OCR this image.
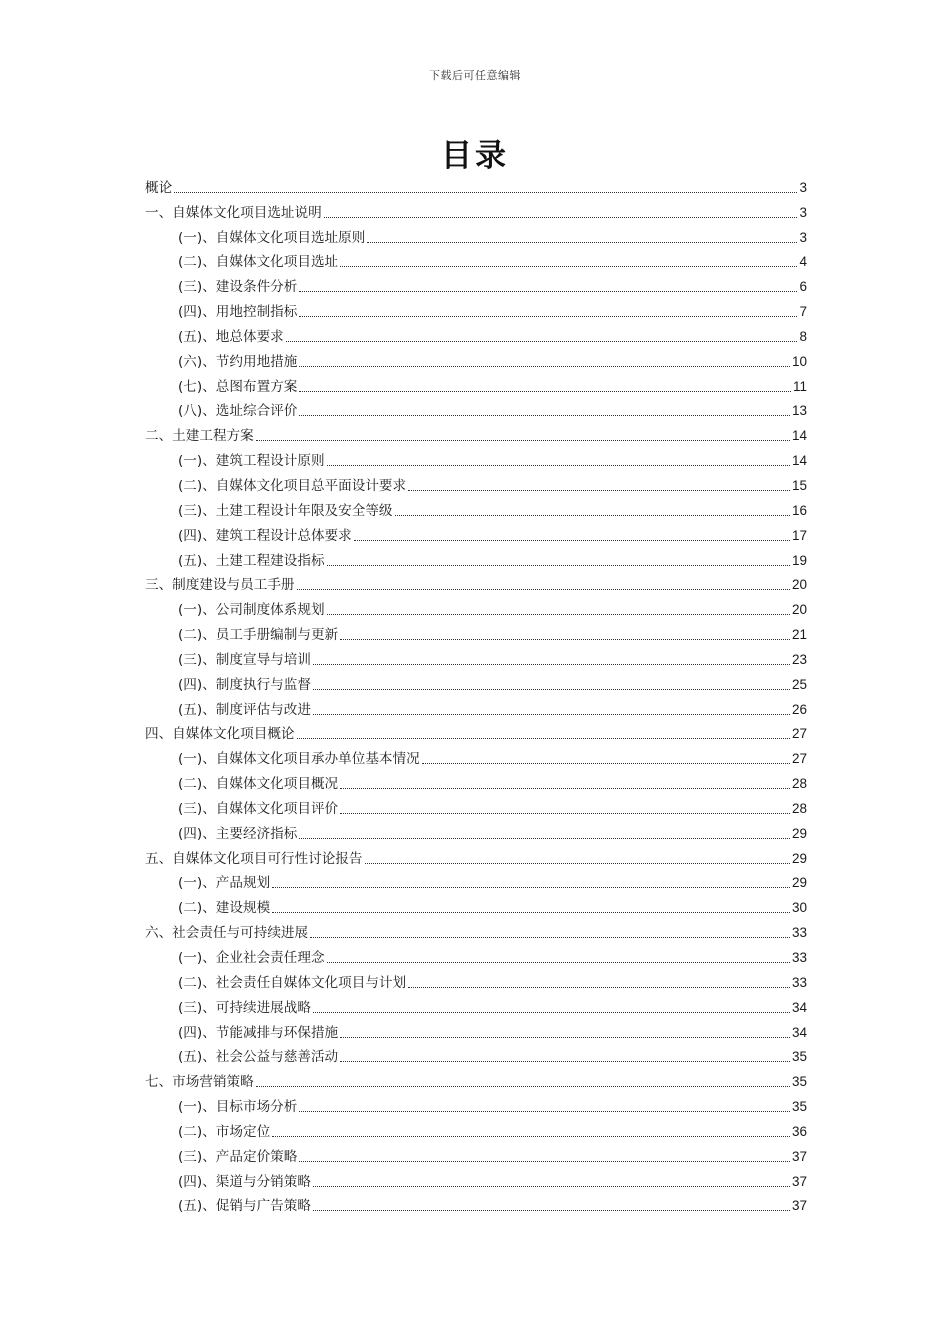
下载后可任意编辑
目录
概论	3
一、自媒体文化项目选址说明	3
(一)、自媒体文化项目选址原则	3
(二)、自媒体文化项目选址	4
(三)、建设条件分析	6
(四)、用地控制指标	7
(五)、地总体要求	8
(六)、节约用地措施	10
(七)、总图布置方案	11
(八)、选址综合评价	13
二、土建工程方案	14
(一)、建筑工程设计原则	14
(二)、自媒体文化项目总平面设计要求	15
(三)、土建工程设计年限及安全等级	16
(四)、建筑工程设计总体要求	17
(五)、土建工程建设指标	19
三、制度建设与员工手册	20
(一)、公司制度体系规划	20
(二)、员工手册编制与更新	21
(三)、制度宣导与培训	23
(四)、制度执行与监督	25
(五)、制度评估与改进	26
四、自媒体文化项目概论	27
(一)、自媒体文化项目承办单位基本情况	27
(二)、自媒体文化项目概况	28
(三)、自媒体文化项目评价	28
(四)、主要经济指标	29
五、自媒体文化项目可行性讨论报告	29
(一)、产品规划	29
(二)、建设规模	30
六、社会责任与可持续进展	33
(一)、企业社会责任理念	33
(二)、社会责任自媒体文化项目与计划	33
(三)、可持续进展战略	34
(四)、节能减排与环保措施	34
(五)、社会公益与慈善活动	35
七、市场营销策略	35
(一)、目标市场分析	35
(二)、市场定位	36
(三)、产品定价策略	37
(四)、渠道与分销策略	37
(五)、促销与广告策略	37
